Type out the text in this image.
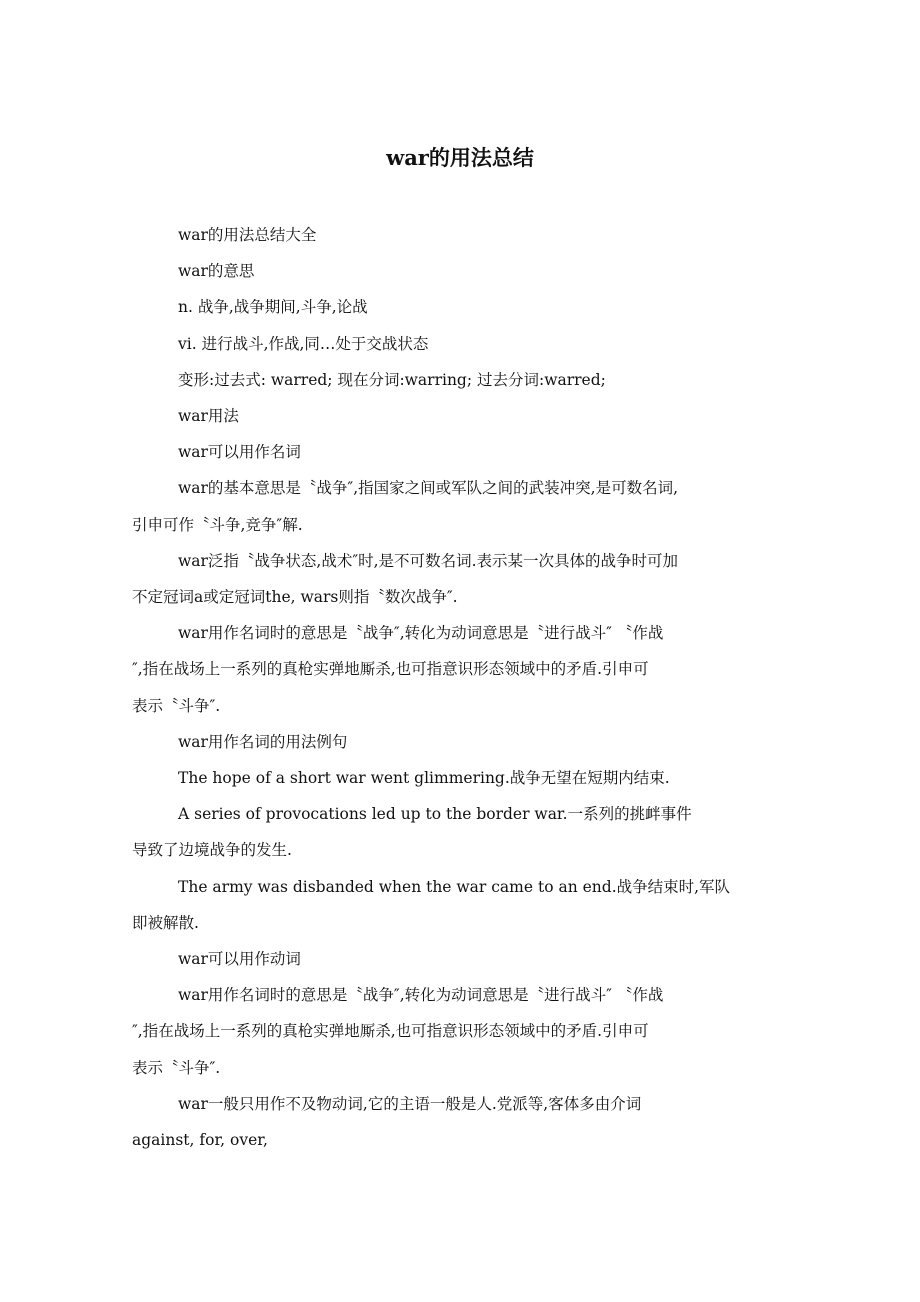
war的用法总结
war的用法总结大全
war的意思
n. 战争,战争期间,斗争,论战
vi. 进行战斗,作战,同…处于交战状态
变形:过去式: warred; 现在分词:warring; 过去分词:warred;
war用法
war可以用作名词
war的基本意思是〝战争″,指国家之间或军队之间的武装冲突,是可数名词,
引申可作〝斗争,竞争″解.
war泛指〝战争状态,战术″时,是不可数名词.表示某一次具体的战争时可加
不定冠词a或定冠词the, wars则指〝数次战争″.
war用作名词时的意思是〝战争″,转化为动词意思是〝进行战斗″ 〝作战
″,指在战场上一系列的真枪实弹地厮杀,也可指意识形态领域中的矛盾.引申可
表示〝斗争″.
war用作名词的用法例句
The hope of a short war went glimmering.战争无望在短期内结束.
A series of provocations led up to the border war.一系列的挑衅事件
导致了边境战争的发生.
The army was disbanded when the war came to an end.战争结束时,军队
即被解散.
war可以用作动词
war用作名词时的意思是〝战争″,转化为动词意思是〝进行战斗″ 〝作战
″,指在战场上一系列的真枪实弹地厮杀,也可指意识形态领域中的矛盾.引申可
表示〝斗争″.
war一般只用作不及物动词,它的主语一般是人.党派等,客体多由介词
against, for, over,
